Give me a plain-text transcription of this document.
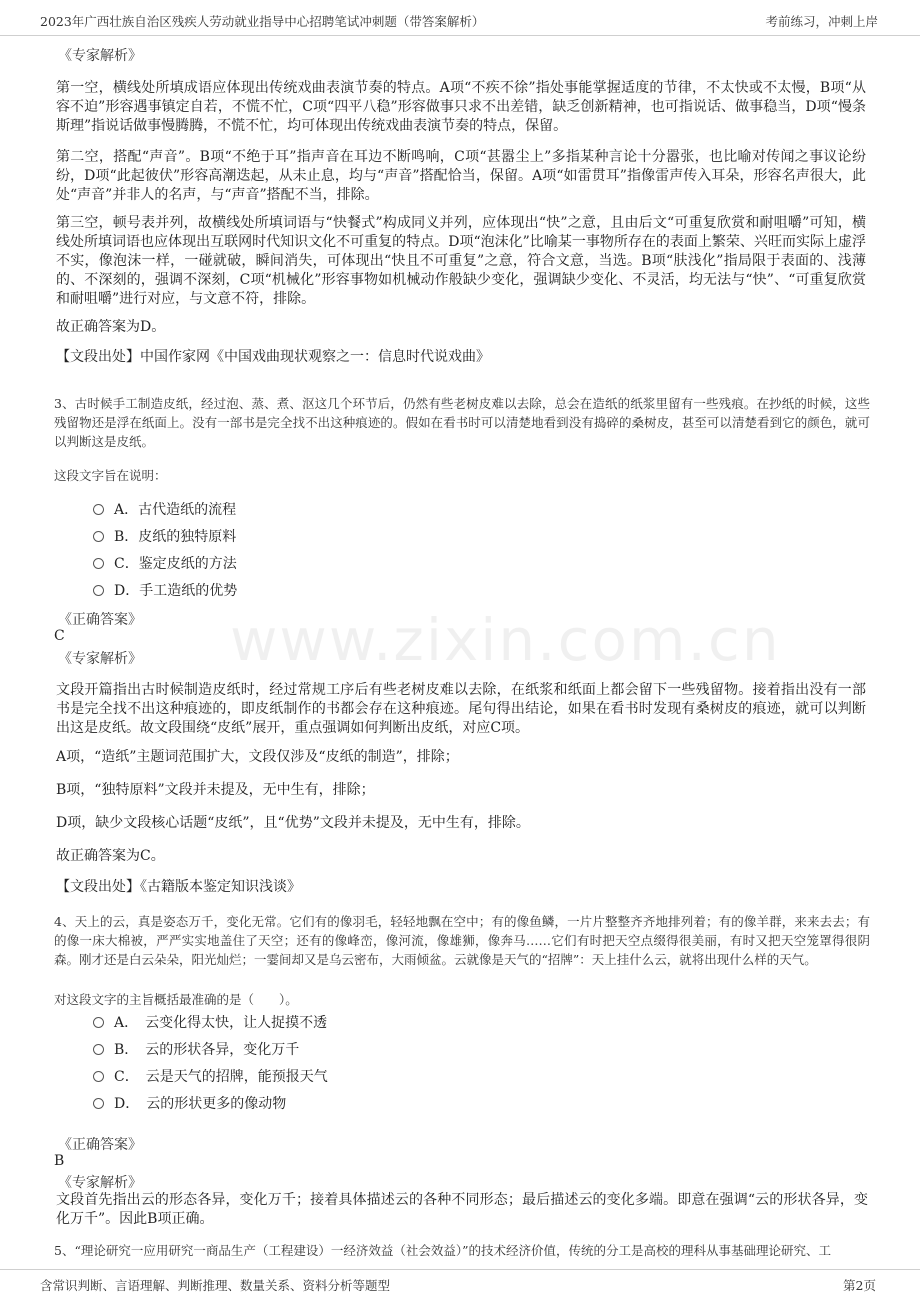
2023年广西壮族自治区残疾人劳动就业指导中心招聘笔试冲刺题（带答案解析）	考前练习，冲刺上岸
www.zixin.com.cn
《专家解析》
第一空，横线处所填成语应体现出传统戏曲表演节奏的特点。A项“不疾不徐”指处事能掌握适度的节律，不太快或不太慢，B项“从容不迫”形容遇事镇定自若，不慌不忙，C项“四平八稳”形容做事只求不出差错，缺乏创新精神，也可指说话、做事稳当，D项“慢条斯理”指说话做事慢腾腾，不慌不忙，均可体现出传统戏曲表演节奏的特点，保留。
第二空，搭配“声音”。B项“不绝于耳”指声音在耳边不断鸣响，C项“甚嚣尘上”多指某种言论十分嚣张，也比喻对传闻之事议论纷纷，D项“此起彼伏”形容高潮迭起，从未止息，均与“声音”搭配恰当，保留。A项“如雷贯耳”指像雷声传入耳朵，形容名声很大，此处“声音”并非人的名声，与“声音”搭配不当，排除。
第三空，顿号表并列，故横线处所填词语与“快餐式”构成同义并列，应体现出“快”之意，且由后文“可重复欣赏和耐咀嚼”可知，横线处所填词语也应体现出互联网时代知识文化不可重复的特点。D项“泡沫化”比喻某一事物所存在的表面上繁荣、兴旺而实际上虚浮不实，像泡沫一样，一碰就破，瞬间消失，可体现出“快且不可重复”之意，符合文意，当选。B项“肤浅化”指局限于表面的、浅薄的、不深刻的，强调不深刻，C项“机械化”形容事物如机械动作般缺少变化，强调缺少变化、不灵活，均无法与“快”、“可重复欣赏和耐咀嚼”进行对应，与文意不符，排除。
故正确答案为D。
【文段出处】中国作家网《中国戏曲现状观察之一：信息时代说戏曲》
3、古时候手工制造皮纸，经过泡、蒸、煮、沤这几个环节后，仍然有些老树皮难以去除，总会在造纸的纸浆里留有一些残痕。在抄纸的时候，这些残留物还是浮在纸面上。没有一部书是完全找不出这种痕迹的。假如在看书时可以清楚地看到没有捣碎的桑树皮，甚至可以清楚看到它的颜色，就可以判断这是皮纸。
这段文字旨在说明：
A．古代造纸的流程
B．皮纸的独特原料
C．鉴定皮纸的方法
D．手工造纸的优势
《正确答案》
C
《专家解析》
文段开篇指出古时候制造皮纸时，经过常规工序后有些老树皮难以去除，在纸浆和纸面上都会留下一些残留物。接着指出没有一部书是完全找不出这种痕迹的，即皮纸制作的书都会存在这种痕迹。尾句得出结论，如果在看书时发现有桑树皮的痕迹，就可以判断出这是皮纸。故文段围绕“皮纸”展开，重点强调如何判断出皮纸，对应C项。
A项，“造纸”主题词范围扩大，文段仅涉及“皮纸的制造”，排除；
B项，“独特原料”文段并未提及，无中生有，排除；
D项，缺少文段核心话题“皮纸”，且“优势”文段并未提及，无中生有，排除。
故正确答案为C。
【文段出处】《古籍版本鉴定知识浅谈》
4、天上的云，真是姿态万千，变化无常。它们有的像羽毛，轻轻地飘在空中；有的像鱼鳞，一片片整整齐齐地排列着；有的像羊群，来来去去；有的像一床大棉被，严严实实地盖住了天空；还有的像峰峦，像河流，像雄狮，像奔马……它们有时把天空点缀得很美丽，有时又把天空笼罩得很阴森。刚才还是白云朵朵，阳光灿烂；一霎间却又是乌云密布，大雨倾盆。云就像是天气的“招牌”：天上挂什么云，就将出现什么样的天气。
对这段文字的主旨概括最准确的是（　　）。
A．　云变化得太快，让人捉摸不透
B．　云的形状各异，变化万千
C．　云是天气的招牌，能预报天气
D．　云的形状更多的像动物
《正确答案》
B
《专家解析》
文段首先指出云的形态各异，变化万千；接着具体描述云的各种不同形态；最后描述云的变化多端。即意在强调“云的形状各异，变化万千”。因此B项正确。
5、“理论研究一应用研究一商品生产（工程建设）一经济效益（社会效益）”的技术经济价值，传统的分工是高校的理科从事基础理论研究、工
含常识判断、言语理解、判断推理、数量关系、资料分析等题型	第2页
